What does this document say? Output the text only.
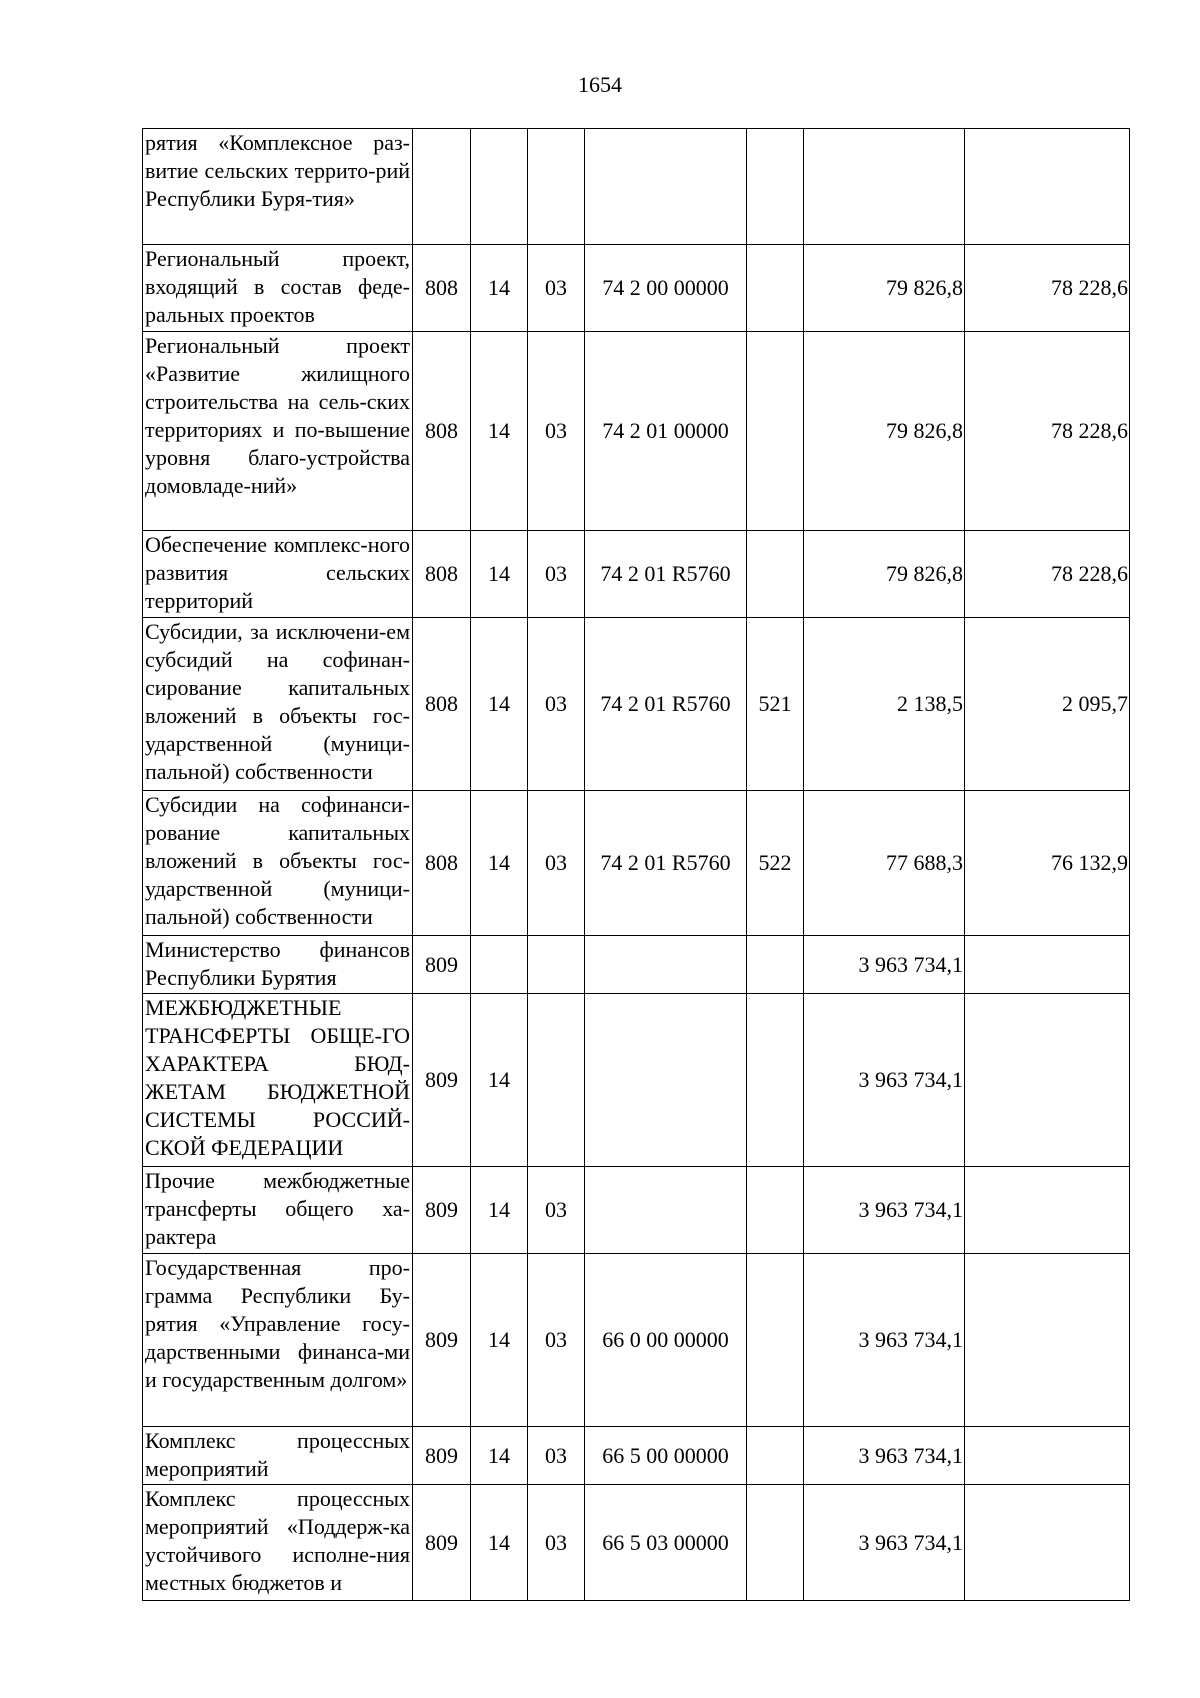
1654
рятия «Комплексное раз-витие сельских террито-рий Республики Буря-тия»							
Региональный проект, входящий в состав феде-ральных проектов	808	14	03	74 2 00 00000		79 826,8	78 228,6
Региональный проект «Развитие жилищного строительства на сель-ских территориях и по-вышение уровня благо-устройства домовладе-ний»	808	14	03	74 2 01 00000		79 826,8	78 228,6
Обеспечение комплекс-ного развития сельских территорий	808	14	03	74 2 01 R5760		79 826,8	78 228,6
Субсидии, за исключени-ем субсидий на софинан-сирование капитальных вложений в объекты гос-ударственной (муници-пальной) собственности	808	14	03	74 2 01 R5760	521	2 138,5	2 095,7
Субсидии на софинанси-рование капитальных вложений в объекты гос-ударственной (муници-пальной) собственности	808	14	03	74 2 01 R5760	522	77 688,3	76 132,9
Министерство финансов Республики Бурятия	809					3 963 734,1	
МЕЖБЮДЖЕТНЫЕ ТРАНСФЕРТЫ ОБЩЕ-ГО ХАРАКТЕРА БЮД-ЖЕТАМ БЮДЖЕТНОЙ СИСТЕМЫ РОССИЙ-СКОЙ ФЕДЕРАЦИИ	809	14				3 963 734,1	
Прочие межбюджетные трансферты общего ха-рактера	809	14	03			3 963 734,1	
Государственная про-грамма Республики Бу-рятия «Управление госу-дарственными финанса-ми и государственным долгом»	809	14	03	66 0 00 00000		3 963 734,1	
Комплекс процессных мероприятий	809	14	03	66 5 00 00000		3 963 734,1	
Комплекс процессных мероприятий «Поддерж-ка устойчивого исполне-ния местных бюджетов и	809	14	03	66 5 03 00000		3 963 734,1	
